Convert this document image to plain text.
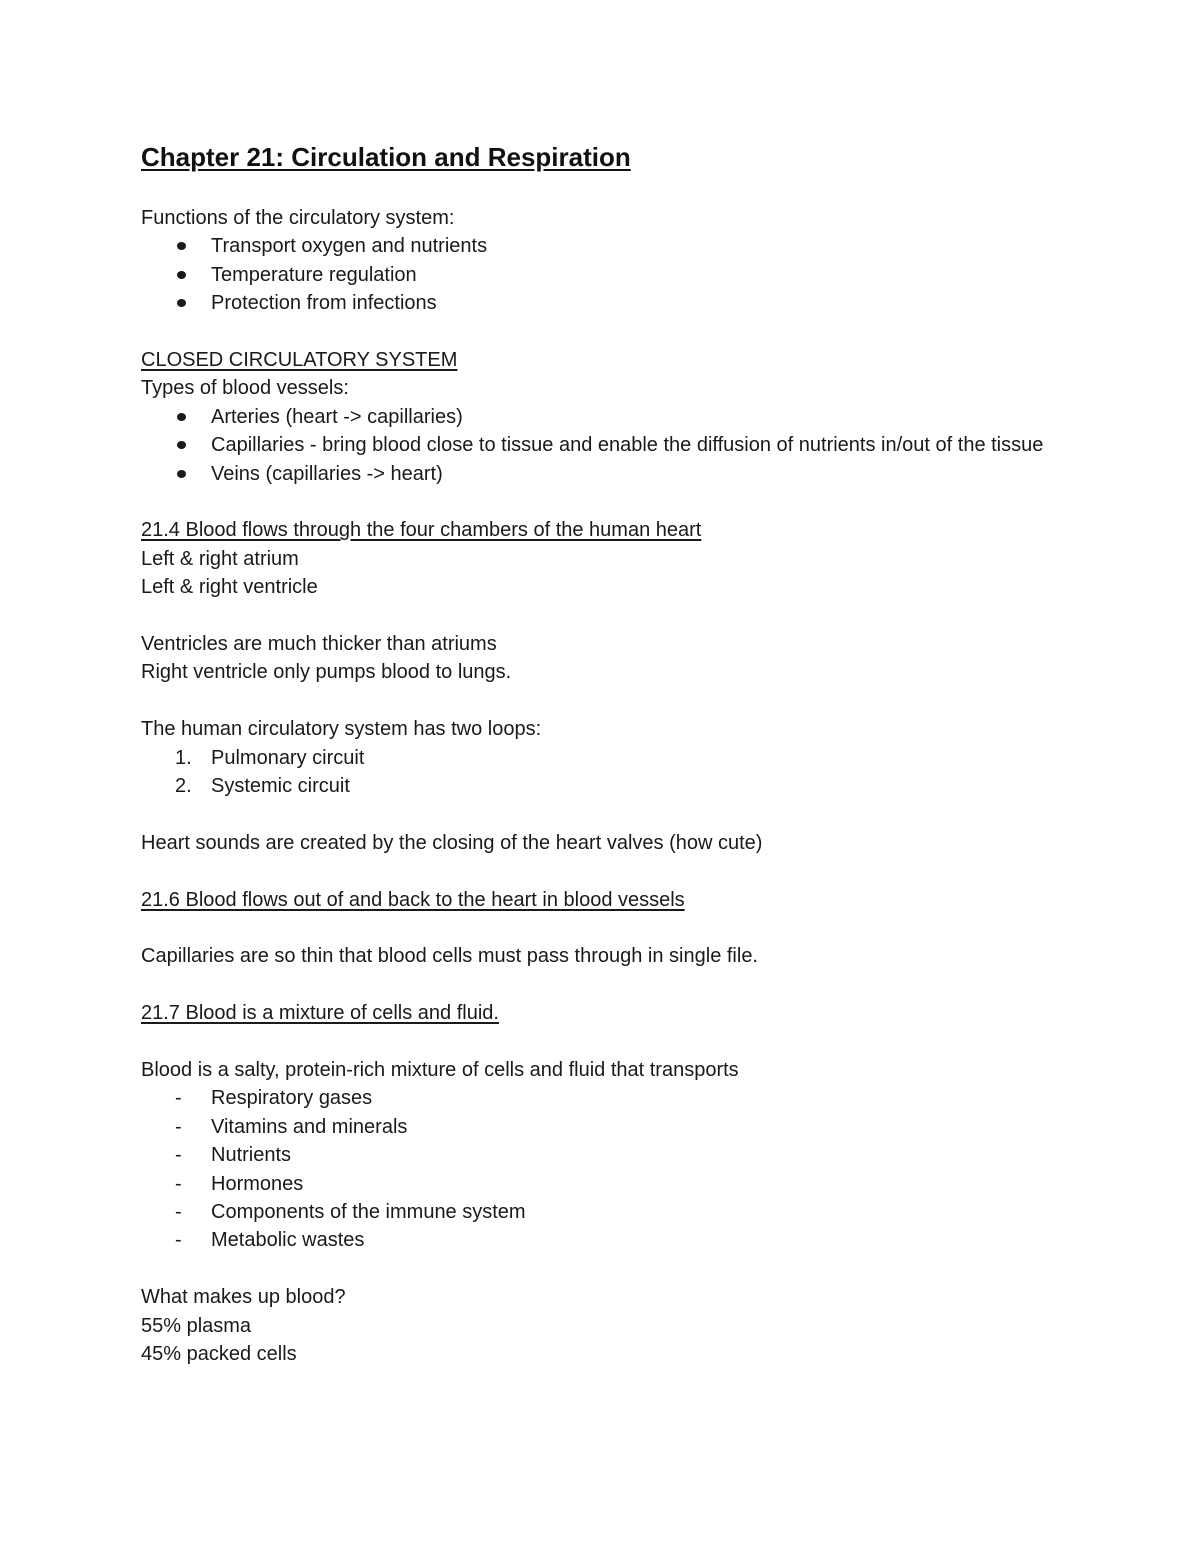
Chapter 21: Circulation and Respiration

Functions of the circulatory system:

Transport oxygen and nutrients
Temperature regulation
Protection from infections

CLOSED CIRCULATORY SYSTEM

Types of blood vessels:

Arteries (heart -> capillaries)
Capillaries - bring blood close to tissue and enable the diffusion of nutrients in/out of the tissue
Veins (capillaries -> heart)

21.4 Blood flows through the four chambers of the human heart

Left & right atrium

Left & right ventricle

Ventricles are much thicker than atriums

Right ventricle only pumps blood to lungs.

The human circulatory system has two loops:

1. Pulmonary circuit
2. Systemic circuit

Heart sounds are created by the closing of the heart valves (how cute)

21.6 Blood flows out of and back to the heart in blood vessels

Capillaries are so thin that blood cells must pass through in single file.

21.7 Blood is a mixture of cells and fluid.

Blood is a salty, protein-rich mixture of cells and fluid that transports

- Respiratory gases
- Vitamins and minerals
- Nutrients
- Hormones
- Components of the immune system
- Metabolic wastes

What makes up blood?

55% plasma

45% packed cells
